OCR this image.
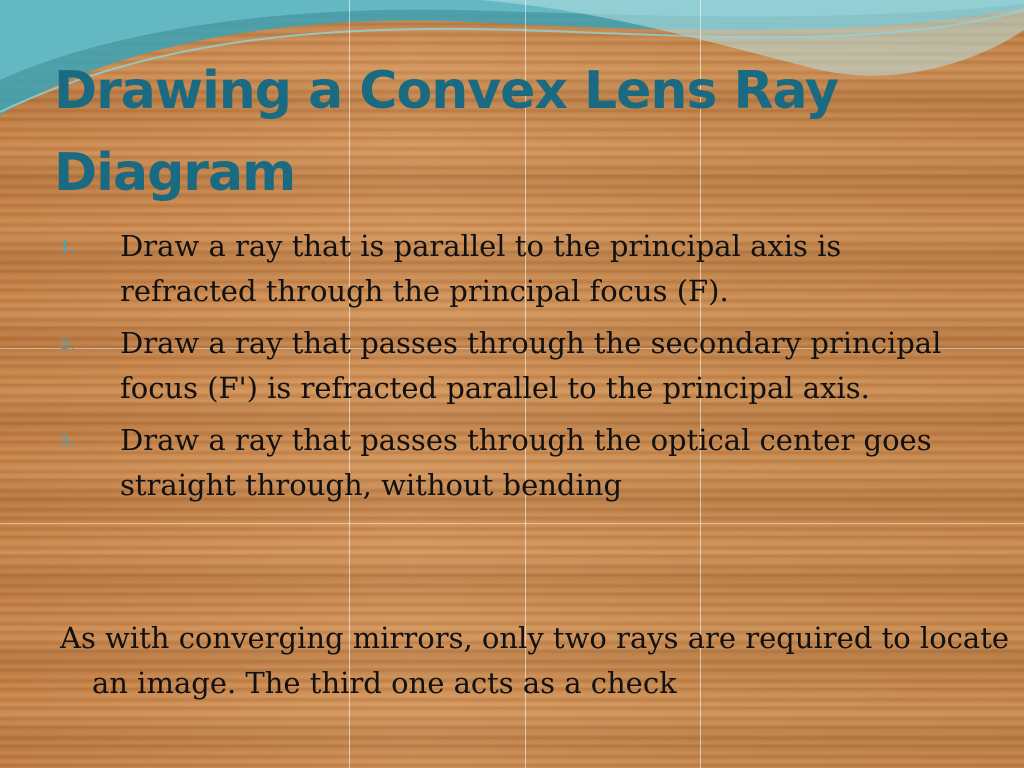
Drawing a Convex Lens Ray Diagram
1. Draw a ray that is parallel to the principal axis is refracted through the principal focus (F).
2. Draw a ray that passes through the secondary principal focus (F') is refracted parallel to the principal axis.
3. Draw a ray that passes through the optical center goes straight through, without bending

As with converging mirrors, only two rays are required to locate an image. The third one acts as a check
